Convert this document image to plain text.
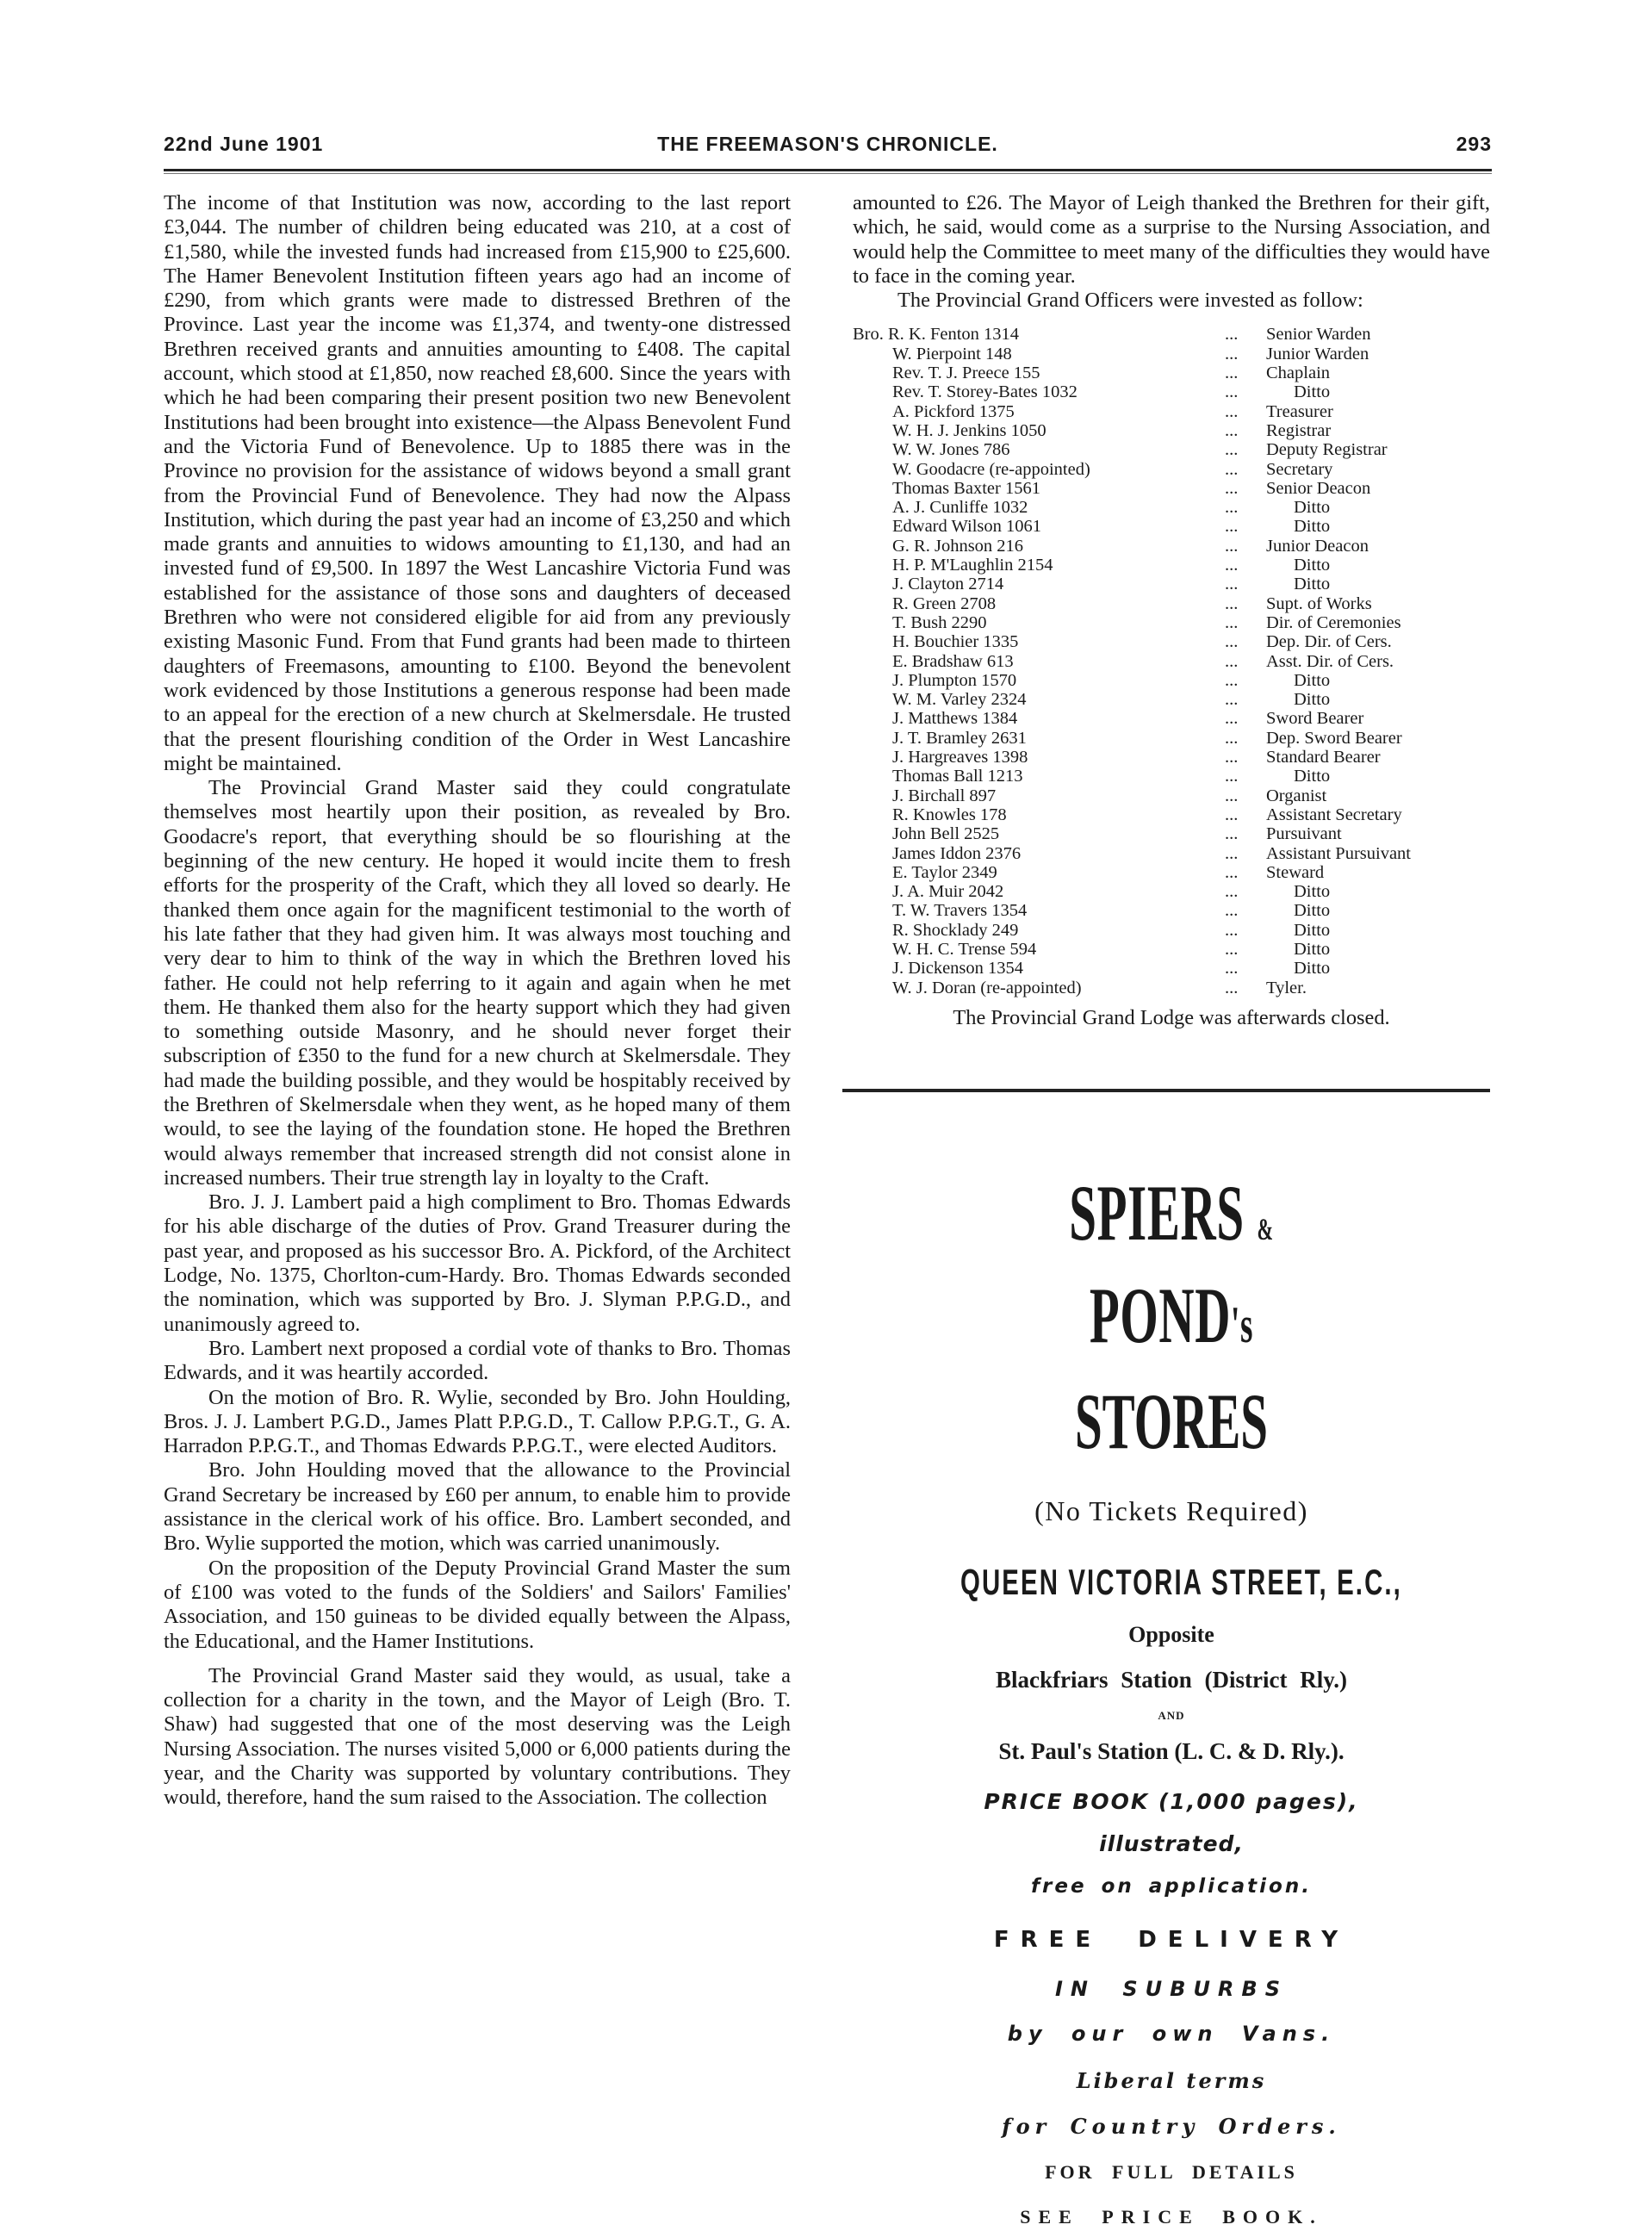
22nd June 1901	THE FREEMASON'S CHRONICLE.	293

The income of that Institution was now, according to the last report £3,044. The number of children being educated was 210, at a cost of £1,580, while the invested funds had increased from £15,900 to £25,600. The Hamer Benevolent Institution fifteen years ago had an income of £290, from which grants were made to distressed Brethren of the Province. Last year the income was £1,374, and twenty-one distressed Brethren received grants and annuities amounting to £408. The capital account, which stood at £1,850, now reached £8,600. Since the years with which he had been comparing their present position two new Benevolent Institutions had been brought into existence—the Alpass Benevolent Fund and the Victoria Fund of Benevolence. Up to 1885 there was in the Province no provision for the assistance of widows beyond a small grant from the Provincial Fund of Benevolence. They had now the Alpass Institution, which during the past year had an income of £3,250 and which made grants and annuities to widows amounting to £1,130, and had an invested fund of £9,500. In 1897 the West Lancashire Victoria Fund was established for the assistance of those sons and daughters of deceased Brethren who were not considered eligible for aid from any previously existing Masonic Fund. From that Fund grants had been made to thirteen daughters of Freemasons, amounting to £100. Beyond the benevolent work evidenced by those Institutions a generous response had been made to an appeal for the erection of a new church at Skelmersdale. He trusted that the present flourishing condition of the Order in West Lancashire might be maintained.

The Provincial Grand Master said they could congratulate themselves most heartily upon their position, as revealed by Bro. Goodacre's report, that everything should be so flourishing at the beginning of the new century. He hoped it would incite them to fresh efforts for the prosperity of the Craft, which they all loved so dearly. He thanked them once again for the magnificent testimonial to the worth of his late father that they had given him. It was always most touching and very dear to him to think of the way in which the Brethren loved his father. He could not help referring to it again and again when he met them. He thanked them also for the hearty support which they had given to something outside Masonry, and he should never forget their subscription of £350 to the fund for a new church at Skelmersdale. They had made the building possible, and they would be hospitably received by the Brethren of Skelmersdale when they went, as he hoped many of them would, to see the laying of the foundation stone. He hoped the Brethren would always remember that increased strength did not consist alone in increased numbers. Their true strength lay in loyalty to the Craft.

Bro. J. J. Lambert paid a high compliment to Bro. Thomas Edwards for his able discharge of the duties of Prov. Grand Treasurer during the past year, and proposed as his successor Bro. A. Pickford, of the Architect Lodge, No. 1375, Chorlton-cum-Hardy. Bro. Thomas Edwards seconded the nomination, which was supported by Bro. J. Slyman P.P.G.D., and unanimously agreed to.

Bro. Lambert next proposed a cordial vote of thanks to Bro. Thomas Edwards, and it was heartily accorded.

On the motion of Bro. R. Wylie, seconded by Bro. John Houlding, Bros. J. J. Lambert P.G.D., James Platt P.P.G.D., T. Callow P.P.G.T., G. A. Harradon P.P.G.T., and Thomas Edwards P.P.G.T., were elected Auditors.

Bro. John Houlding moved that the allowance to the Provincial Grand Secretary be increased by £60 per annum, to enable him to provide assistance in the clerical work of his office. Bro. Lambert seconded, and Bro. Wylie supported the motion, which was carried unanimously.

On the proposition of the Deputy Provincial Grand Master the sum of £100 was voted to the funds of the Soldiers' and Sailors' Families' Association, and 150 guineas to be divided equally between the Alpass, the Educational, and the Hamer Institutions.

The Provincial Grand Master said they would, as usual, take a collection for a charity in the town, and the Mayor of Leigh (Bro. T. Shaw) had suggested that one of the most deserving was the Leigh Nursing Association. The nurses visited 5,000 or 6,000 patients during the year, and the Charity was supported by voluntary contributions. They would, therefore, hand the sum raised to the Association. The collection

amounted to £26. The Mayor of Leigh thanked the Brethren for their gift, which, he said, would come as a surprise to the Nursing Association, and would help the Committee to meet many of the difficulties they would have to face in the coming year.

The Provincial Grand Officers were invested as follow:

Bro. R. K. Fenton 1314	...	Senior Warden
W. Pierpoint 148	...	Junior Warden
Rev. T. J. Preece 155	...	Chaplain
Rev. T. Storey-Bates 1032	...	Ditto
A. Pickford 1375	...	Treasurer
W. H. J. Jenkins 1050	...	Registrar
W. W. Jones 786	...	Deputy Registrar
W. Goodacre (re-appointed)	...	Secretary
Thomas Baxter 1561	...	Senior Deacon
A. J. Cunliffe 1032	...	Ditto
Edward Wilson 1061	...	Ditto
G. R. Johnson 216	...	Junior Deacon
H. P. M'Laughlin 2154	...	Ditto
J. Clayton 2714	...	Ditto
R. Green 2708	...	Supt. of Works
T. Bush 2290	...	Dir. of Ceremonies
H. Bouchier 1335	...	Dep. Dir. of Cers.
E. Bradshaw 613	...	Asst. Dir. of Cers.
J. Plumpton 1570	...	Ditto
W. M. Varley 2324	...	Ditto
J. Matthews 1384	...	Sword Bearer
J. T. Bramley 2631	...	Dep. Sword Bearer
J. Hargreaves 1398	...	Standard Bearer
Thomas Ball 1213	...	Ditto
J. Birchall 897	...	Organist
R. Knowles 178	...	Assistant Secretary
John Bell 2525	...	Pursuivant
James Iddon 2376	...	Assistant Pursuivant
E. Taylor 2349	...	Steward
J. A. Muir 2042	...	Ditto
T. W. Travers 1354	...	Ditto
R. Shocklady 249	...	Ditto
W. H. C. Trense 594	...	Ditto
J. Dickenson 1354	...	Ditto
W. J. Doran (re-appointed)	...	Tyler.

The Provincial Grand Lodge was afterwards closed.

SPIERS & POND's
STORES
(No Tickets Required)
QUEEN VICTORIA STREET, E.C.,
Opposite
Blackfriars Station (District Rly.)
AND
St. Paul's Station (L. C. & D. Rly.).
PRICE BOOK (1,000 pages),
illustrated,
free on application.
FREE DELIVERY
IN SUBURBS
by our own Vans.
Liberal terms
for Country Orders.
FOR FULL DETAILS
SEE PRICE BOOK.
